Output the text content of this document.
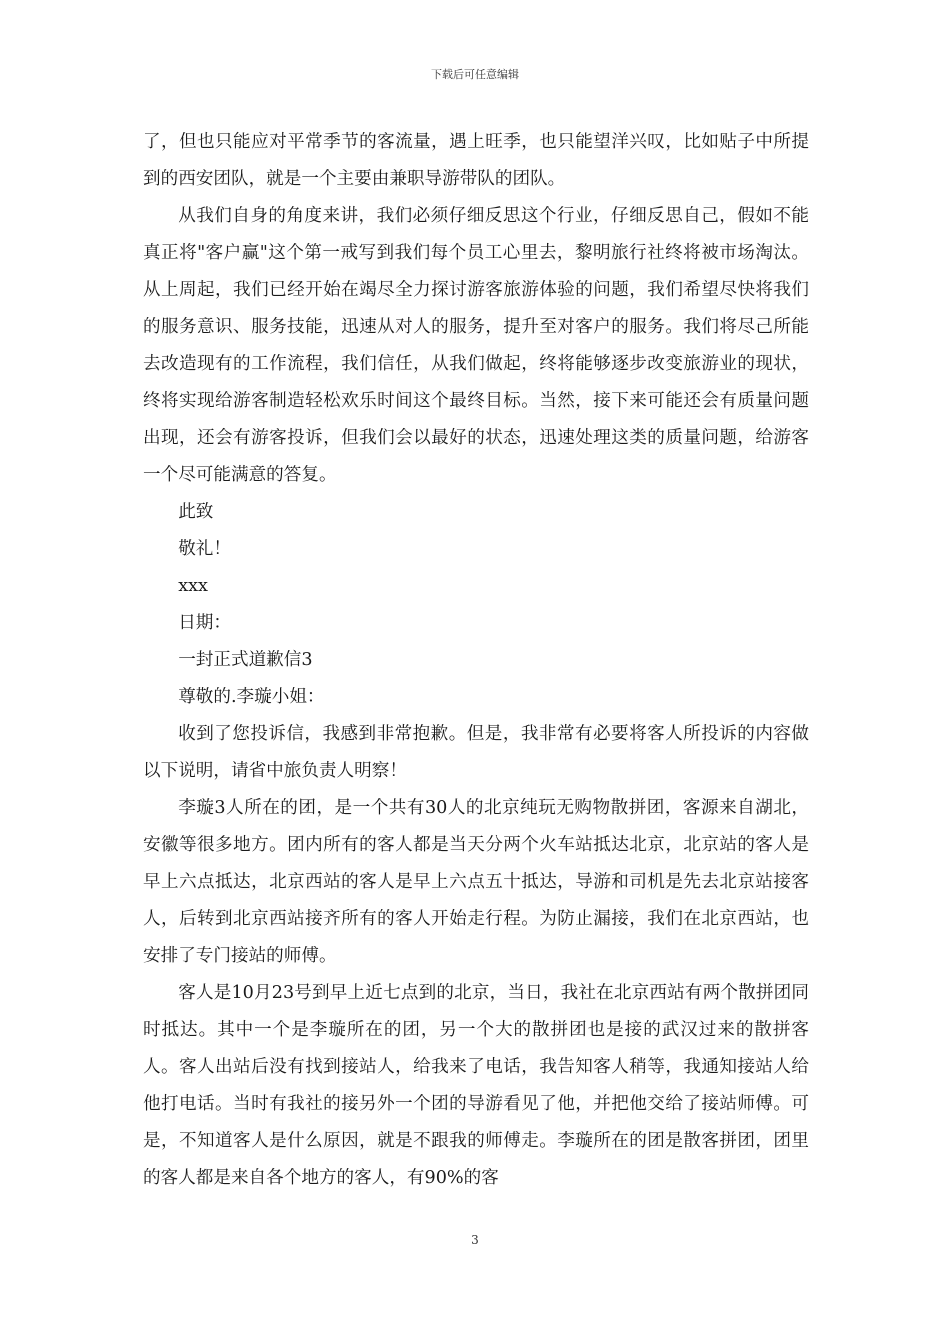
下载后可任意编辑

了，但也只能应对平常季节的客流量，遇上旺季，也只能望洋兴叹，比如贴子中所提到的西安团队，就是一个主要由兼职导游带队的团队。

从我们自身的角度来讲，我们必须仔细反思这个行业，仔细反思自己，假如不能真正将"客户赢"这个第一戒写到我们每个员工心里去，黎明旅行社终将被市场淘汰。从上周起，我们已经开始在竭尽全力探讨游客旅游体验的问题，我们希望尽快将我们的服务意识、服务技能，迅速从对人的服务，提升至对客户的服务。我们将尽己所能去改造现有的工作流程，我们信任，从我们做起，终将能够逐步改变旅游业的现状，终将实现给游客制造轻松欢乐时间这个最终目标。当然，接下来可能还会有质量问题出现，还会有游客投诉，但我们会以最好的状态，迅速处理这类的质量问题，给游客一个尽可能满意的答复。

此致

敬礼！

xxx

日期：

一封正式道歉信3

尊敬的.李璇小姐：

收到了您投诉信，我感到非常抱歉。但是，我非常有必要将客人所投诉的内容做以下说明，请省中旅负责人明察！

李璇3人所在的团，是一个共有30人的北京纯玩无购物散拼团，客源来自湖北，安徽等很多地方。团内所有的客人都是当天分两个火车站抵达北京，北京站的客人是早上六点抵达，北京西站的客人是早上六点五十抵达，导游和司机是先去北京站接客人，后转到北京西站接齐所有的客人开始走行程。为防止漏接，我们在北京西站，也安排了专门接站的师傅。

客人是10月23号到早上近七点到的北京，当日，我社在北京西站有两个散拼团同时抵达。其中一个是李璇所在的团，另一个大的散拼团也是接的武汉过来的散拼客人。客人出站后没有找到接站人，给我来了电话，我告知客人稍等，我通知接站人给他打电话。当时有我社的接另外一个团的导游看见了他，并把他交给了接站师傅。可是，不知道客人是什么原因，就是不跟我的师傅走。李璇所在的团是散客拼团，团里的客人都是来自各个地方的客人，有90%的客

3
